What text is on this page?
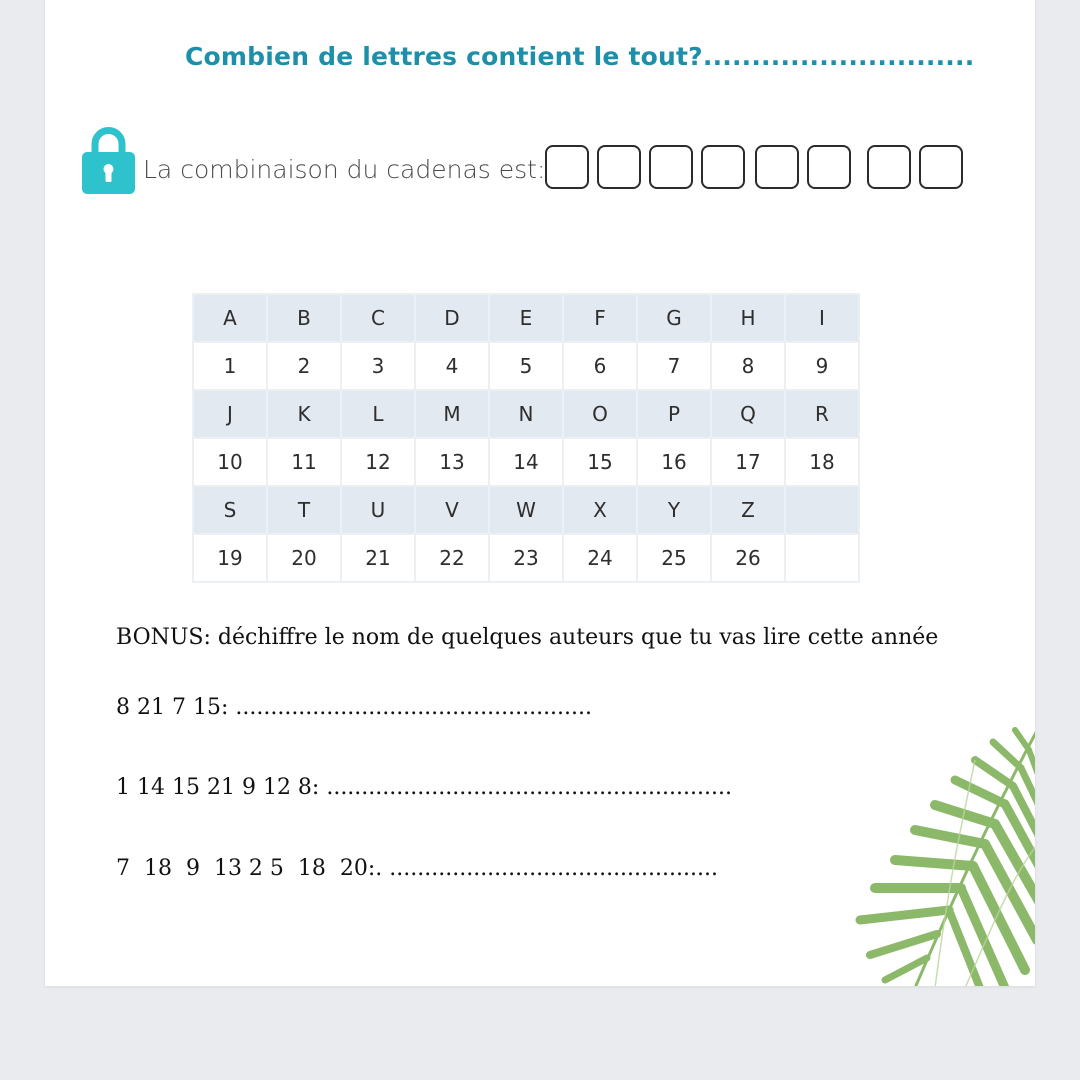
Combien de lettres contient le tout?............................
La combinaison du cadenas est:
A	B	C	D	E	F	G	H	I
1	2	3	4	5	6	7	8	9
J	K	L	M	N	O	P	Q	R
10	11	12	13	14	15	16	17	18
S	T	U	V	W	X	Y	Z	
19	20	21	22	23	24	25	26	
BONUS: déchiffre le nom de quelques auteurs que tu vas lire cette année
8 21 7 15: ...................................................
1 14 15 21 9 12 8: ..........................................................
7  18  9  13 2 5  18  20:. ...............................................
